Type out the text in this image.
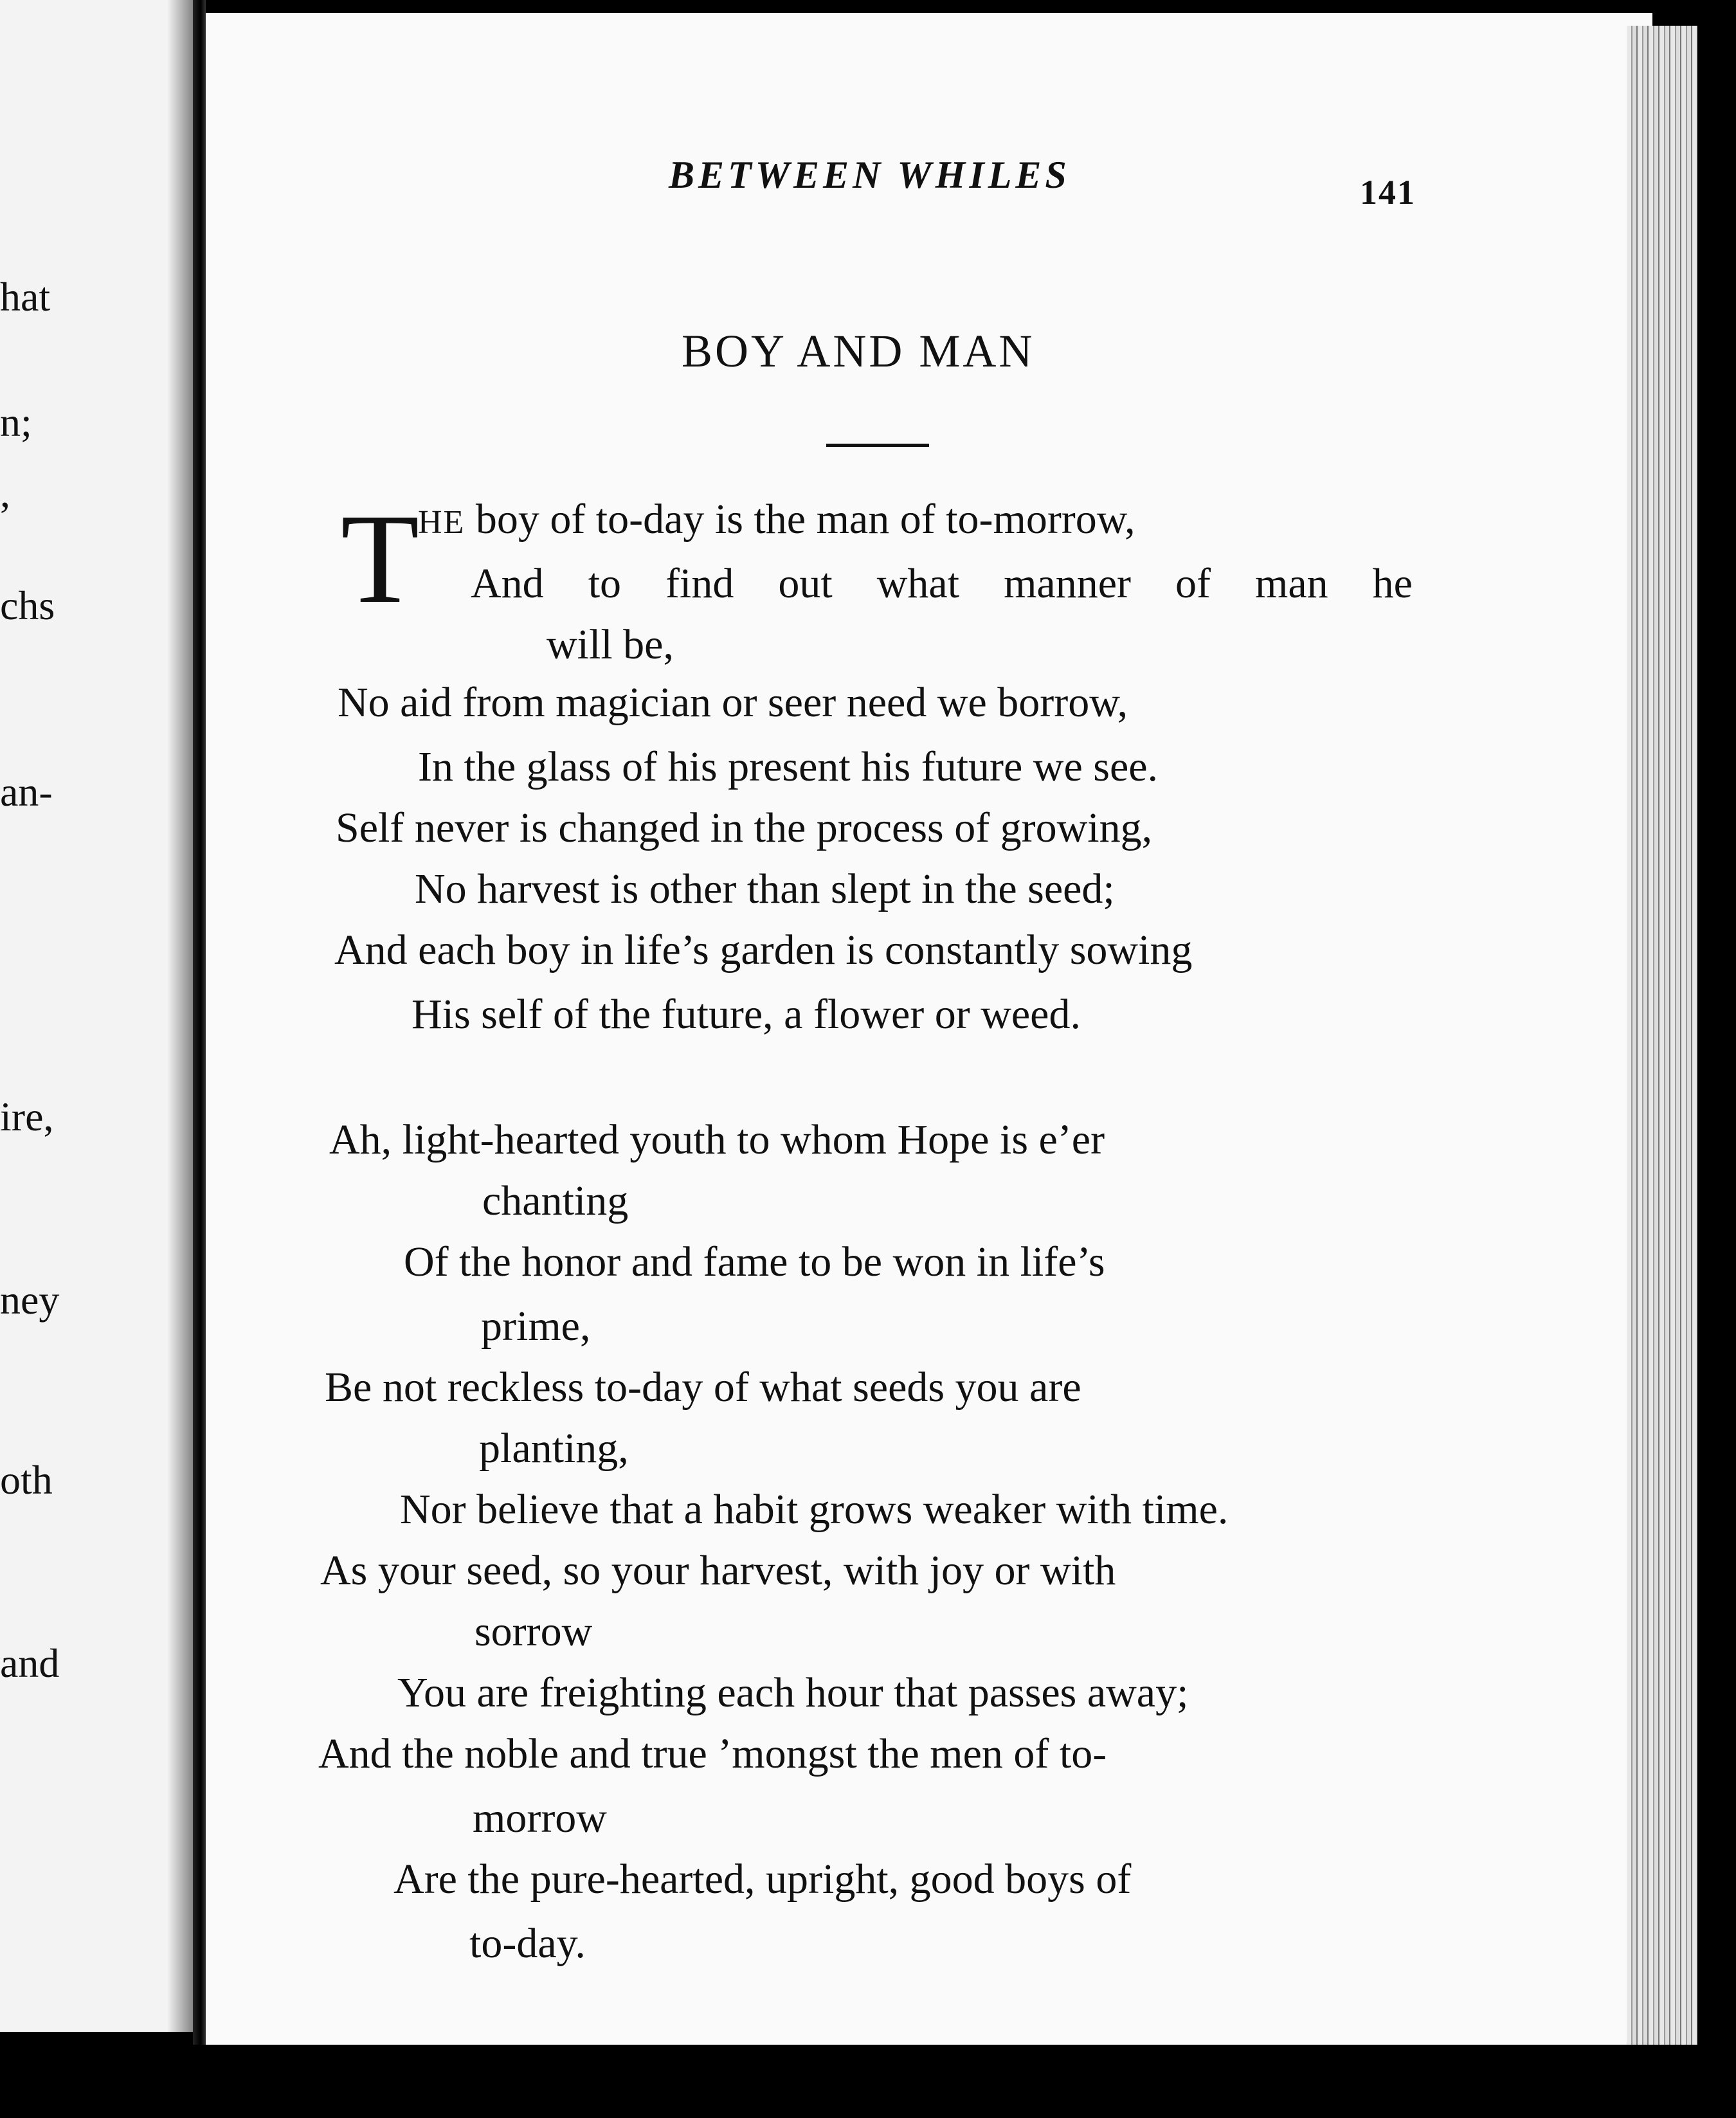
hat
n;
,
chs
an-
ire,
ney
oth
and
BETWEEN WHILES	141
BOY AND MAN
T
HE boy of to-day is the man of to-morrow,
And to find out what manner of man he
will be,
No aid from magician or seer need we borrow,
In the glass of his present his future we see.
Self never is changed in the process of growing,
No harvest is other than slept in the seed;
And each boy in life’s garden is constantly sowing
His self of the future, a flower or weed.
Ah, light-hearted youth to whom Hope is e’er
chanting
Of the honor and fame to be won in life’s
prime,
Be not reckless to-day of what seeds you are
planting,
Nor believe that a habit grows weaker with time.
As your seed, so your harvest, with joy or with
sorrow
You are freighting each hour that passes away;
And the noble and true ’mongst the men of to-
morrow
Are the pure-hearted, upright, good boys of
to-day.
